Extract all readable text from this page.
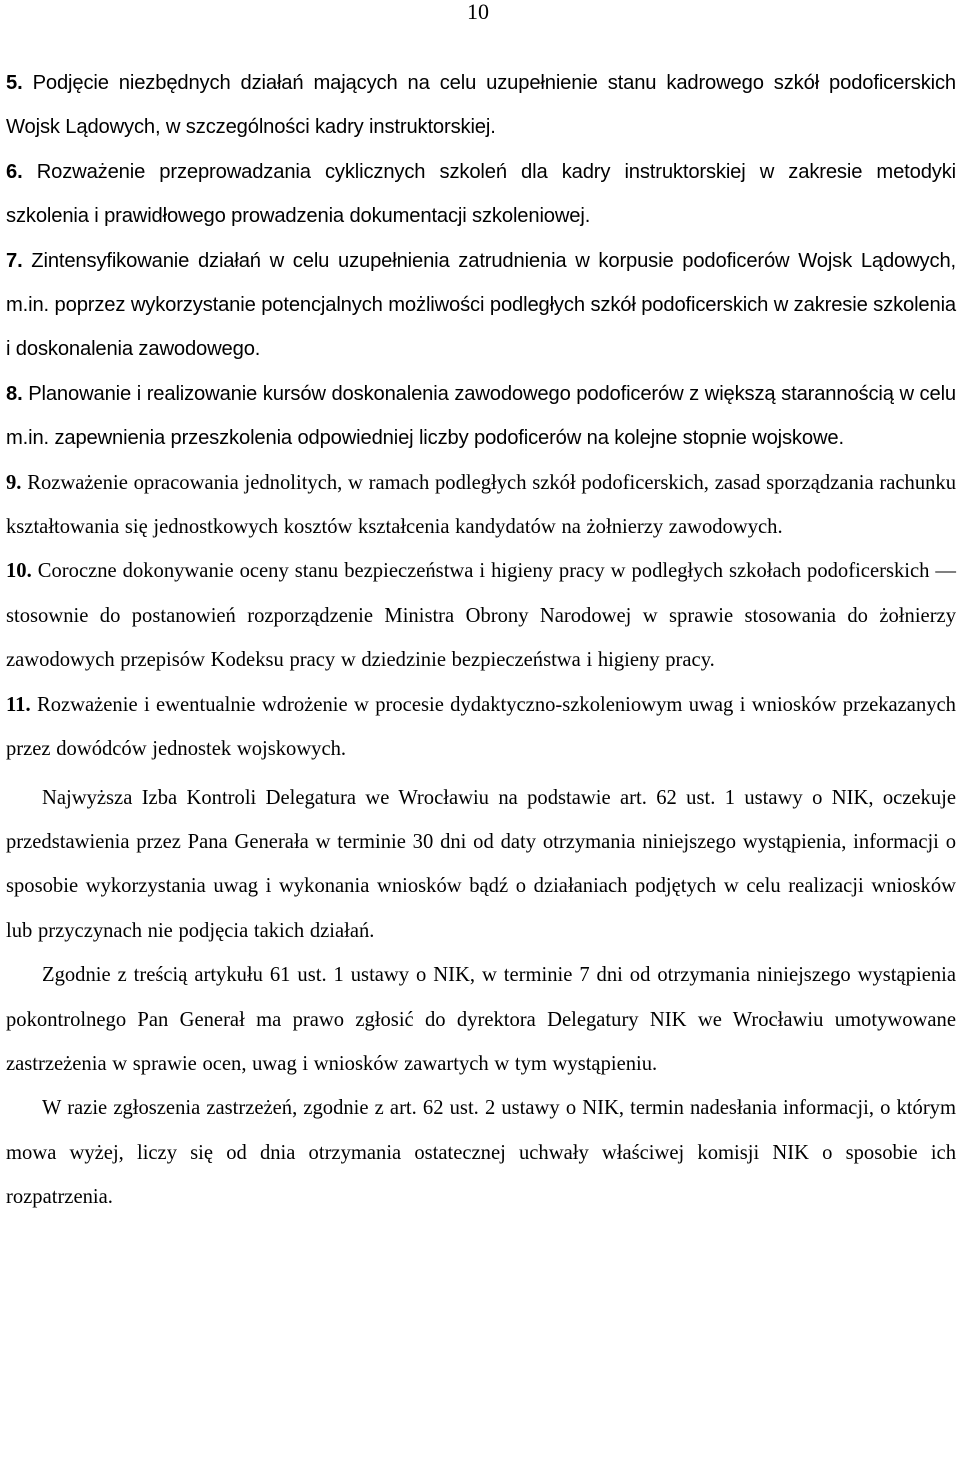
10

5. Podjęcie niezbędnych działań mających na celu uzupełnienie stanu kadrowego szkół podoficerskich Wojsk Lądowych, w szczególności kadry instruktorskiej.

6. Rozważenie przeprowadzania cyklicznych szkoleń dla kadry instruktorskiej w zakresie metodyki szkolenia i prawidłowego prowadzenia dokumentacji szkoleniowej.

7. Zintensyfikowanie działań w celu uzupełnienia zatrudnienia w korpusie podoficerów Wojsk Lądowych, m.in. poprzez wykorzystanie potencjalnych możliwości podległych szkół podoficerskich w zakresie szkolenia i doskonalenia zawodowego.

8. Planowanie i realizowanie kursów doskonalenia zawodowego podoficerów z większą starannością w celu m.in. zapewnienia przeszkolenia odpowiedniej liczby podoficerów na kolejne stopnie wojskowe.

9. Rozważenie opracowania jednolitych, w ramach podległych szkół podoficerskich, zasad sporządzania rachunku kształtowania się jednostkowych kosztów kształcenia kandydatów na żołnierzy zawodowych.

10. Coroczne dokonywanie oceny stanu bezpieczeństwa i higieny pracy w podległych szkołach podoficerskich — stosownie do postanowień rozporządzenie Ministra Obrony Narodowej w sprawie stosowania do żołnierzy zawodowych przepisów Kodeksu pracy w dziedzinie bezpieczeństwa i higieny pracy.

11. Rozważenie i ewentualnie wdrożenie w procesie dydaktyczno-szkoleniowym uwag i wniosków przekazanych przez dowódców jednostek wojskowych.

Najwyższa Izba Kontroli Delegatura we Wrocławiu na podstawie art. 62 ust. 1 ustawy o NIK, oczekuje przedstawienia przez Pana Generała w terminie 30 dni od daty otrzymania niniejszego wystąpienia, informacji o sposobie wykorzystania uwag i wykonania wniosków bądź o działaniach podjętych w celu realizacji wniosków lub przyczynach nie podjęcia takich działań.

Zgodnie z treścią artykułu 61 ust. 1 ustawy o NIK, w terminie 7 dni od otrzymania niniejszego wystąpienia pokontrolnego Pan Generał ma prawo zgłosić do dyrektora Delegatury NIK we Wrocławiu umotywowane zastrzeżenia w sprawie ocen, uwag i wniosków zawartych w tym wystąpieniu.

W razie zgłoszenia zastrzeżeń, zgodnie z art. 62 ust. 2 ustawy o NIK, termin nadesłania informacji, o którym mowa wyżej, liczy się od dnia otrzymania ostatecznej uchwały właściwej komisji NIK o sposobie ich rozpatrzenia.
